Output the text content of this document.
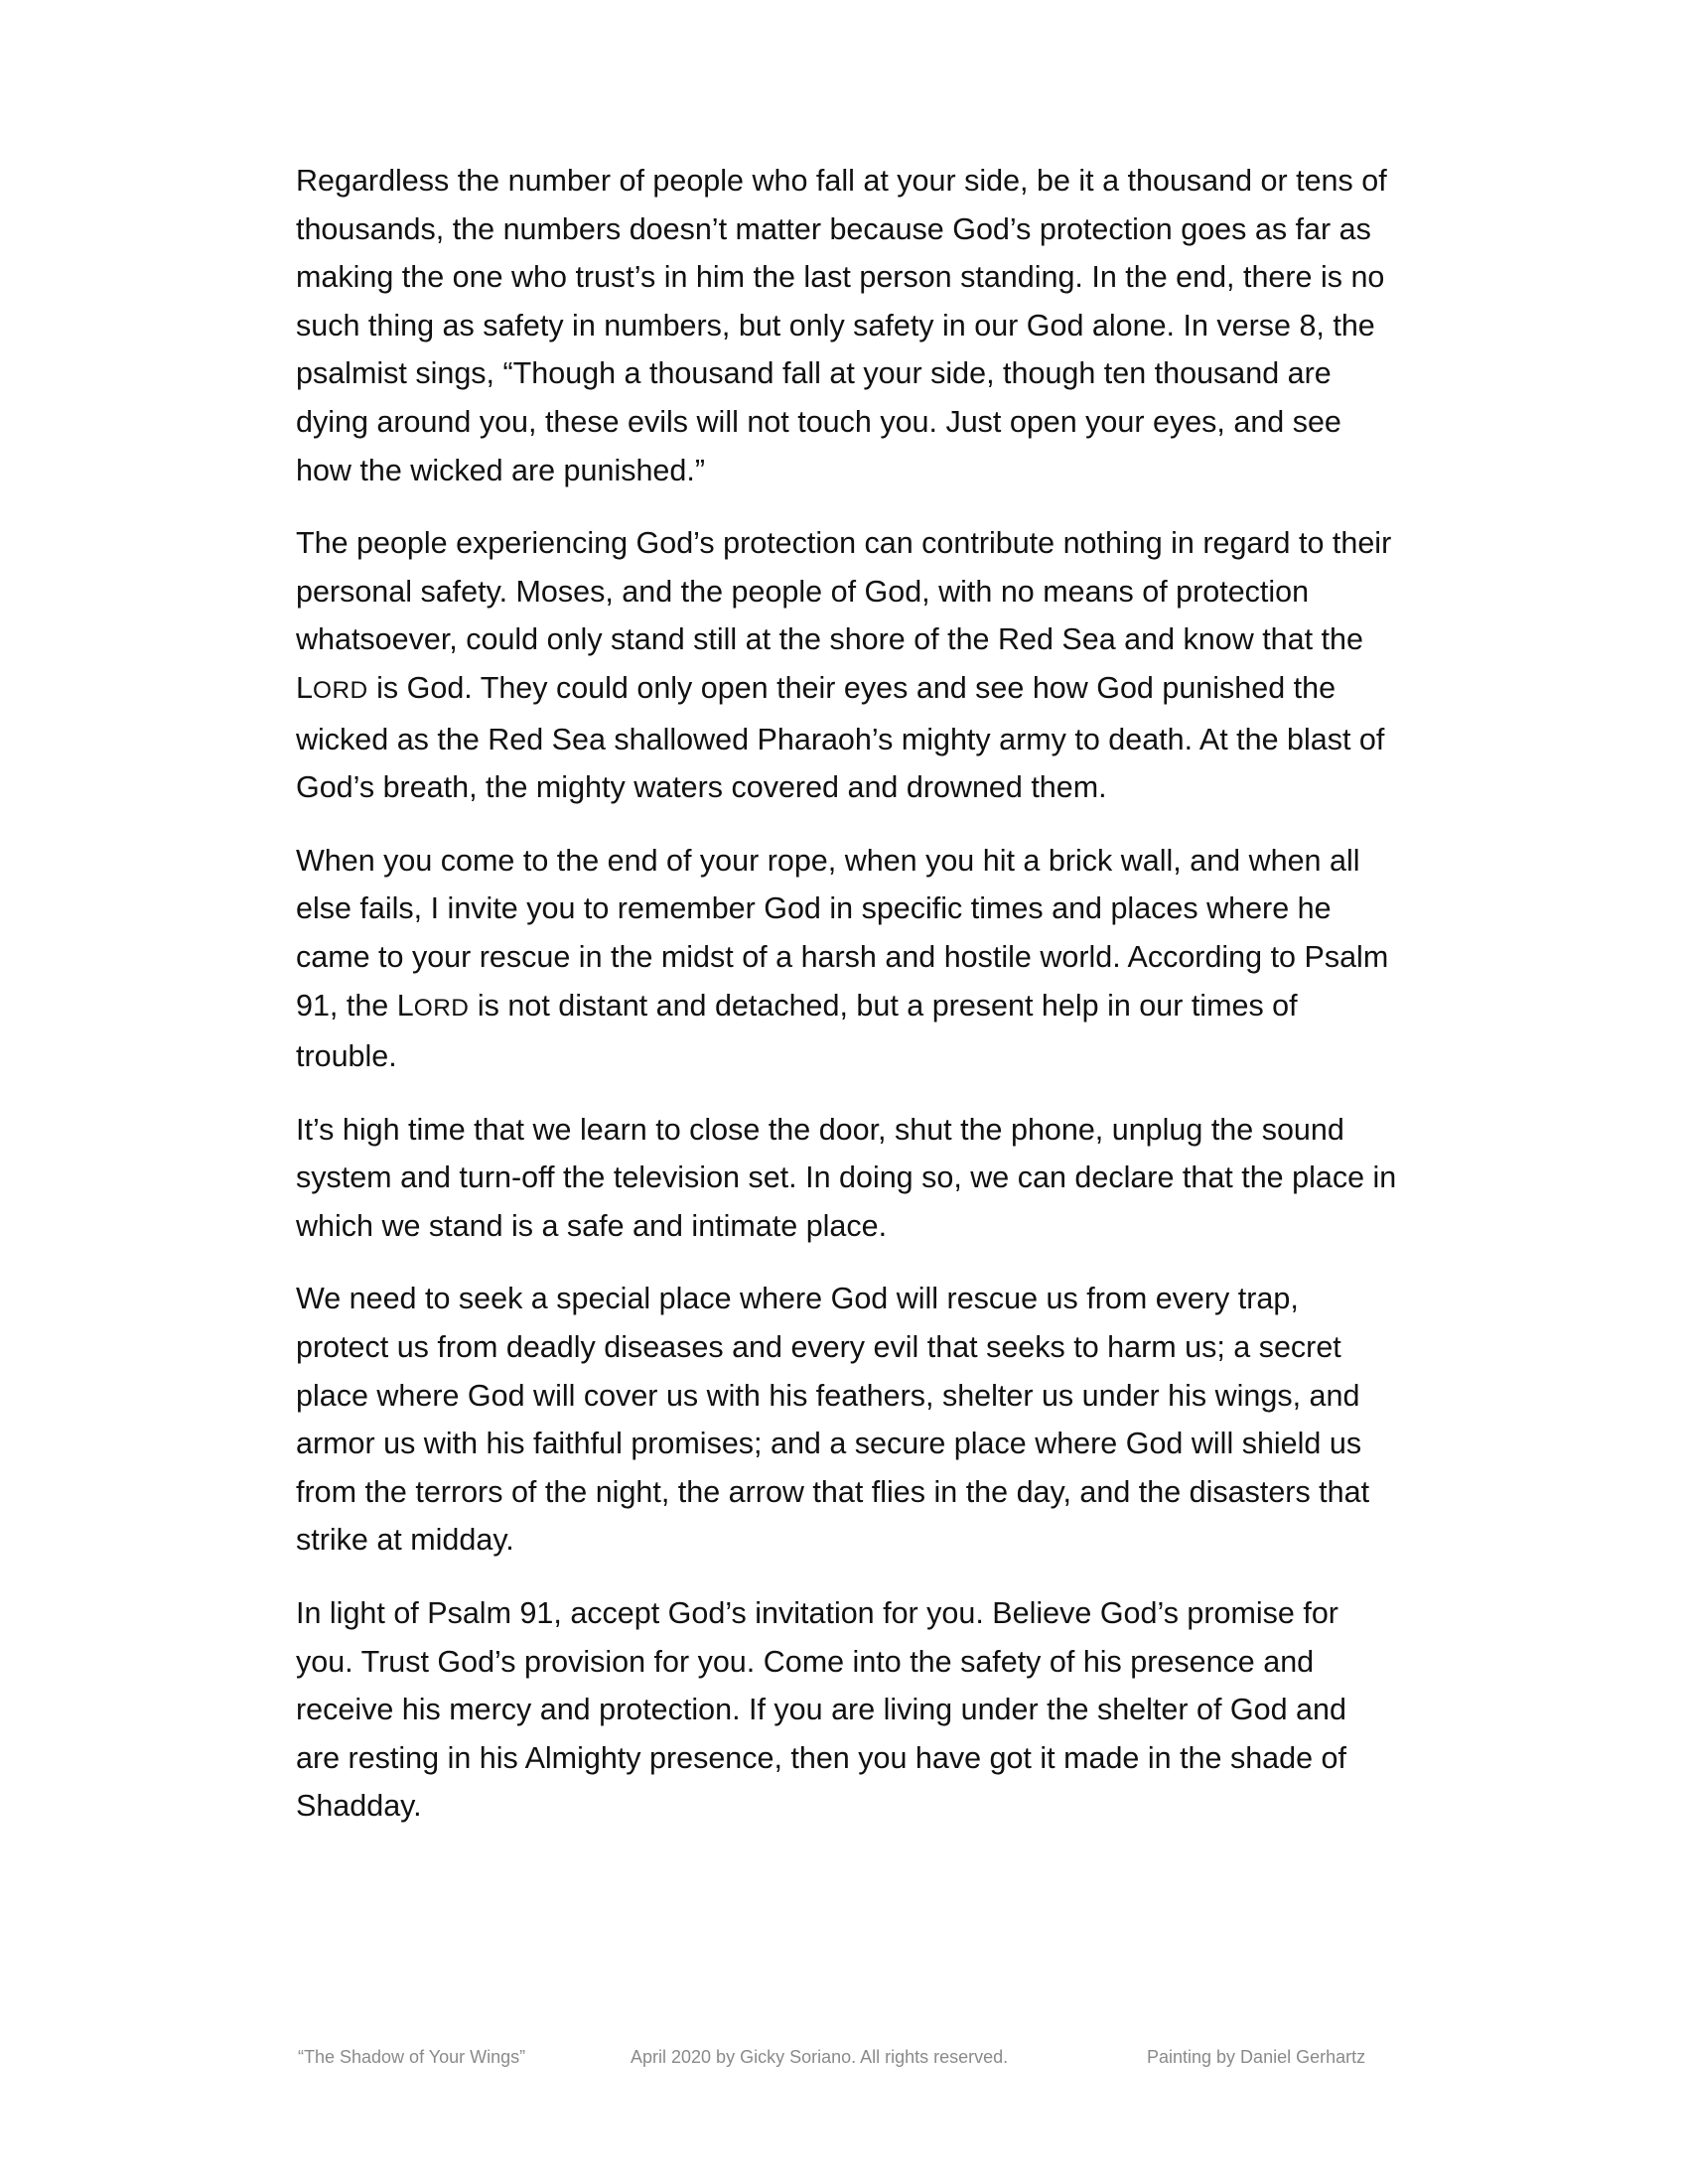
Regardless the number of people who fall at your side, be it a thousand or tens of thousands, the numbers doesn’t matter because God’s protection goes as far as making the one who trust’s in him the last person standing. In the end, there is no such thing as safety in numbers, but only safety in our God alone. In verse 8, the psalmist sings, “Though a thousand fall at your side, though ten thousand are dying around you, these evils will not touch you. Just open your eyes, and see how the wicked are punished.”

The people experiencing God’s protection can contribute nothing in regard to their personal safety. Moses, and the people of God, with no means of protection whatsoever, could only stand still at the shore of the Red Sea and know that the LORD is God. They could only open their eyes and see how God punished the wicked as the Red Sea shallowed Pharaoh’s mighty army to death. At the blast of God’s breath, the mighty waters covered and drowned them.

When you come to the end of your rope, when you hit a brick wall, and when all else fails, I invite you to remember God in specific times and places where he came to your rescue in the midst of a harsh and hostile world. According to Psalm 91, the LORD is not distant and detached, but a present help in our times of trouble.

It’s high time that we learn to close the door, shut the phone, unplug the sound system and turn-off the television set. In doing so, we can declare that the place in which we stand is a safe and intimate place.

We need to seek a special place where God will rescue us from every trap, protect us from deadly diseases and every evil that seeks to harm us; a secret place where God will cover us with his feathers, shelter us under his wings, and armor us with his faithful promises; and a secure place where God will shield us from the terrors of the night, the arrow that flies in the day, and the disasters that strike at midday.

In light of Psalm 91, accept God’s invitation for you. Believe God’s promise for you. Trust God’s provision for you. Come into the safety of his presence and receive his mercy and protection. If you are living under the shelter of God and are resting in his Almighty presence, then you have got it made in the shade of Shadday.

“The Shadow of Your Wings”	April 2020 by Gicky Soriano. All rights reserved.	Painting by Daniel Gerhartz
